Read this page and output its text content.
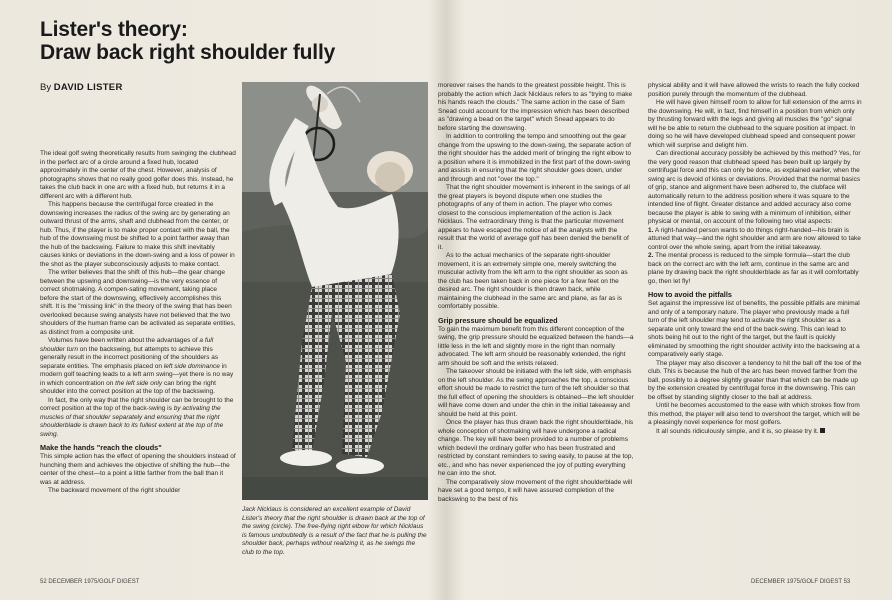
Lister's theory:
Draw back right shoulder fully
By DAVID LISTER

The ideal golf swing theoretically results from swinging the clubhead in the perfect arc of a circle around a fixed hub, located approximately in the center of the chest. However, analysis of photographs shows that no really good golfer does this. Instead, he takes the club back in one arc with a fixed hub, but returns it in a different arc with a different hub.

This happens because the centrifugal force created in the downswing increases the radius of the swing arc by generating an outward thrust of the arms, shaft and clubhead from the center, or hub. Thus, if the player is to make proper contact with the ball, the hub of the downswing must be shifted to a point farther away than the hub of the backswing. Failure to make this shift inevitably causes kinks or deviations in the down-swing and a loss of power in the shot as the player subconsciously adjusts to make contact.

The writer believes that the shift of this hub—the gear change between the upswing and downswing—is the very essence of correct shotmaking. A compen-sating movement, taking place before the start of the downswing, effectively accomplishes this shift. It is the "missing link" in the theory of the swing that has been overlooked because swing analysts have not believed that the two shoulders of the human frame can be activated as separate entities, as distinct from a composite unit.

Volumes have been written about the advantages of a full shoulder turn on the backswing, but attempts to achieve this generally result in the incorrect positioning of the shoulders as separate entities. The emphasis placed on left side dominance in modern golf teaching leads to a left arm swing—yet there is no way in which concentration on the left side only can bring the right shoulder into the correct position at the top of the backswing.

In fact, the only way that the right shoulder can be brought to the correct position at the top of the back-swing is by activating the muscles of that shoulder separately and ensuring that the right shoulderblade is drawn back to its fullest extent at the top of the swing.

Make the hands "reach the clouds"

This simple action has the effect of opening the shoulders instead of hunching them and achieves the objective of shifting the hub—the center of the chest—to a point a little farther from the ball than it was at address.

The backward movement of the right shoulder

Jack Nicklaus is considered an excellent example of David Lister's theory that the right shoulder is drawn back at the top of the swing (circle). The free-flying right elbow for which Nicklaus is famous undoubtedly is a result of the fact that he is pulling the shoulder back, perhaps without realizing it, as he swings the club to the top.

moreover raises the hands to the greatest possible height. This is probably the action which Jack Nicklaus refers to as "trying to make his hands reach the clouds." The same action in the case of Sam Snead could account for the impression which has been described as "drawing a bead on the target" which Snead appears to do before starting the downswing.

In addition to controlling the tempo and smoothing out the gear change from the upswing to the down-swing, the separate action of the right shoulder has the added merit of bringing the right elbow to a position where it is immobilized in the first part of the down-swing and assists in ensuring that the right shoulder goes down, under and through and not "over the top."

That the right shoulder movement is inherent in the swings of all the great players is beyond dispute when one studies the photographs of any of them in action. The player who comes closest to the conscious implementation of the action is Jack Nicklaus. The extraordinary thing is that the particular movement appears to have escaped the notice of all the analysts with the result that the world of average golf has been denied the benefit of it.

As to the actual mechanics of the separate right-shoulder movement, it is an extremely simple one, merely switching the muscular activity from the left arm to the right shoulder as soon as the club has been taken back in one piece for a few feet on the desired arc. The right shoulder is then drawn back, while maintaining the clubhead in the same arc and plane, as far as is comfortably possible.

Grip pressure should be equalized

To gain the maximum benefit from this different conception of the swing, the grip pressure should be equalized between the hands—a little less in the left and slightly more in the right than normally advocated. The left arm should be reasonably extended, the right arm should be soft and the wrists relaxed.

The takeover should be initiated with the left side, with emphasis on the left shoulder. As the swing approaches the top, a conscious effort should be made to restrict the turn of the left shoulder so that the full effect of opening the shoulders is obtained—the left shoulder will have come down and under the chin in the initial takeaway and should be held at this point.

Once the player has thus drawn back the right shoulderblade, his whole conception of shotmaking will have undergone a radical change. The key will have been provided to a number of problems which bedevil the ordinary golfer who has been frustrated and restricted by constant reminders to swing easily, to pause at the top, etc., and who has never experienced the joy of putting everything he can into the shot.

The comparatively slow movement of the right shoulderblade will have set a good tempo, it will have assured completion of the backswing to the best of his

physical ability and it will have allowed the wrists to reach the fully cocked position purely through the momentum of the clubhead.

He will have given himself room to allow for full extension of the arms in the downswing. He will, in fact, find himself in a position from which only by thrusting forward with the legs and giving all muscles the "go" signal will he be able to return the clubhead to the square position at impact. In doing so he will have developed clubhead speed and consequent power which will surprise and delight him.

Can directional accuracy possibly be achieved by this method? Yes, for the very good reason that clubhead speed has been built up largely by centrifugal force and this can only be done, as explained earlier, when the swing arc is devoid of kinks or deviations. Provided that the normal basics of grip, stance and alignment have been adhered to, the clubface will automatically return to the address position where it was square to the intended line of flight. Greater distance and added accuracy also come because the player is able to swing with a minimum of inhibition, either physical or mental, on account of the following two vital aspects:

1. A right-handed person wants to do things right-handed—his brain is attuned that way—and the right shoulder and arm are now allowed to take control over the whole swing, apart from the initial takeaway.

2. The mental process is reduced to the simple formula—start the club back on the correct arc with the left arm, continue in the same arc and plane by drawing back the right shoulderblade as far as it will comfortably go, then let fly!

How to avoid the pitfalls

Set against the impressive list of benefits, the possible pitfalls are minimal and only of a temporary nature. The player who previously made a full turn of the left shoulder may tend to activate the right shoulder as a separate unit only toward the end of the back-swing. This can lead to shots being hit out to the right of the target, but the fault is quickly eliminated by smoothing the right shoulder activity into the backswing at a comparatively early stage.

The player may also discover a tendency to hit the ball off the toe of the club. This is because the hub of the arc has been moved farther from the ball, possibly to a degree slightly greater than that which can be made up by the extension created by centrifugal force in the downswing. This can be offset by standing slightly closer to the ball at address.

Until he becomes accustomed to the ease with which strokes flow from this method, the player will also tend to overshoot the target, which will be a pleasingly novel experience for most golfers.

It all sounds ridiculously simple, and it is, so please try it.

52 DECEMBER 1975/GOLF DIGEST	DECEMBER 1975/GOLF DIGEST 53
